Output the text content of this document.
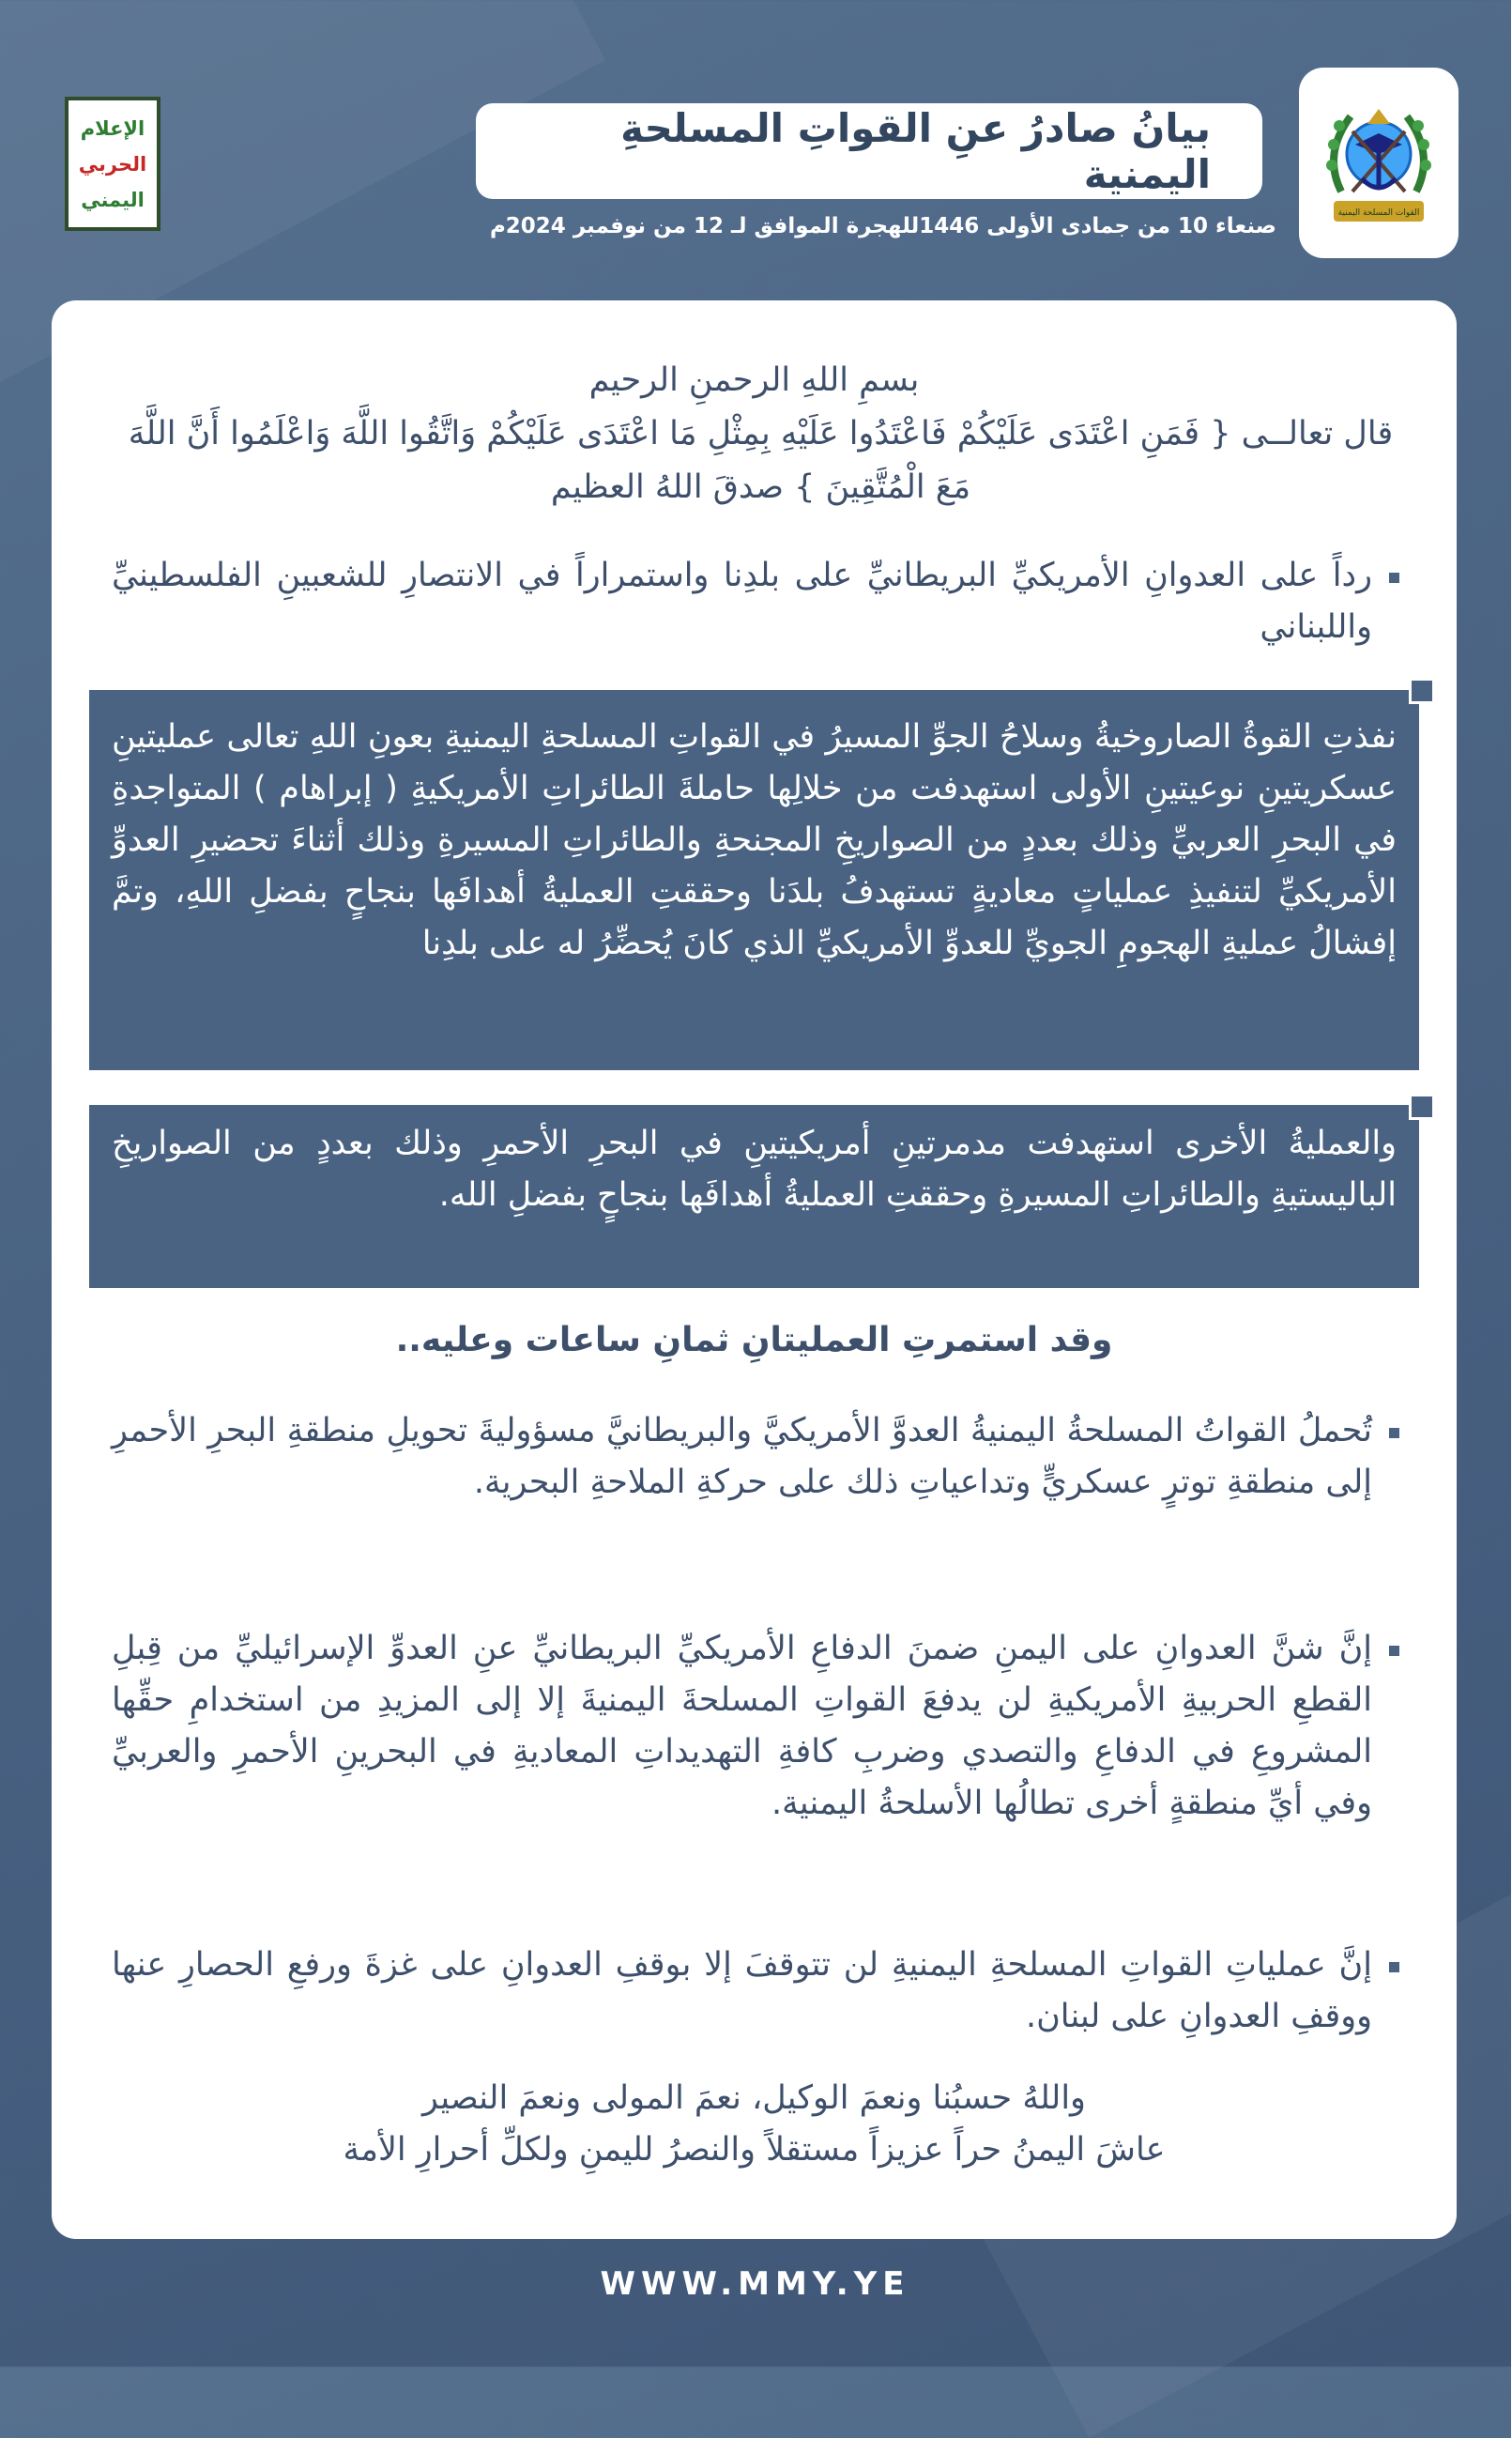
الإعلام
الحربي
اليمني
القوات المسلحة اليمنية
بيانُ صادرُ عنِ القواتِ المسلحةِ اليمنية
صنعاء 10 من جمادى الأولى 1446للهجرة الموافق لـ 12 من نوفمبر 2024م
بسمِ اللهِ الرحمنِ الرحيم
قال تعالــى { فَمَنِ اعْتَدَى عَلَيْكُمْ فَاعْتَدُوا عَلَيْهِ بِمِثْلِ مَا اعْتَدَى عَلَيْكُمْ وَاتَّقُوا اللَّهَ وَاعْلَمُوا أَنَّ اللَّهَ مَعَ الْمُتَّقِينَ } صدقَ اللهُ العظيم
رداً على العدوانِ الأمريكيِّ البريطانيِّ على بلدِنا واستمراراً في الانتصارِ للشعبينِ الفلسطينيِّ واللبناني
نفذتِ القوةُ الصاروخيةُ وسلاحُ الجوِّ المسيرُ في القواتِ المسلحةِ اليمنيةِ بعونِ اللهِ تعالى عمليتينِ عسكريتينِ نوعيتينِ الأولى استهدفت من خلالِها حاملةَ الطائراتِ الأمريكيةِ ( إبراهام ) المتواجدةِ في البحرِ العربيِّ وذلك بعددٍ من الصواريخِ المجنحةِ والطائراتِ المسيرةِ وذلك أثناءَ تحضيرِ العدوِّ الأمريكيِّ لتنفيذِ عملياتٍ معاديةٍ تستهدفُ بلدَنا وحققتِ العمليةُ أهدافَها بنجاحٍ بفضلِ اللهِ، وتمَّ إفشالُ عمليةِ الهجومِ الجويِّ للعدوِّ الأمريكيِّ الذي كانَ يُحضِّرُ له على بلدِنا
والعمليةُ الأخرى استهدفت مدمرتينِ أمريكيتينِ في البحرِ الأحمرِ وذلك بعددٍ من الصواريخِ الباليستيةِ والطائراتِ المسيرةِ وحققتِ العمليةُ أهدافَها بنجاحٍ بفضلِ الله.
وقد استمرتِ العمليتانِ ثمانِ ساعات وعليه..
تُحملُ القواتُ المسلحةُ اليمنيةُ العدوَّ الأمريكيَّ والبريطانيَّ مسؤوليةَ تحويلِ منطقةِ البحرِ الأحمرِ إلى منطقةِ توترٍ عسكريٍّ وتداعياتِ ذلك على حركةِ الملاحةِ البحرية.
إنَّ شنَّ العدوانِ على اليمنِ ضمنَ الدفاعِ الأمريكيِّ البريطانيِّ عنِ العدوِّ الإسرائيليِّ من قِبلِ القطعِ الحربيةِ الأمريكيةِ لن يدفعَ القواتِ المسلحةَ اليمنيةَ إلا إلى المزيدِ من استخدامِ حقِّها المشروعِ في الدفاعِ والتصدي وضربِ كافةِ التهديداتِ المعاديةِ في البحرينِ الأحمرِ والعربيِّ وفي أيِّ منطقةٍ أخرى تطالُها الأسلحةُ اليمنية.
إنَّ عملياتِ القواتِ المسلحةِ اليمنيةِ لن تتوقفَ إلا بوقفِ العدوانِ على غزةَ ورفعِ الحصارِ عنها ووقفِ العدوانِ على لبنان.
واللهُ حسبُنا ونعمَ الوكيل، نعمَ المولى ونعمَ النصير
عاشَ اليمنُ حراً عزيزاً مستقلاً والنصرُ لليمنِ ولكلِّ أحرارِ الأمة
WWW.MMY.YE
